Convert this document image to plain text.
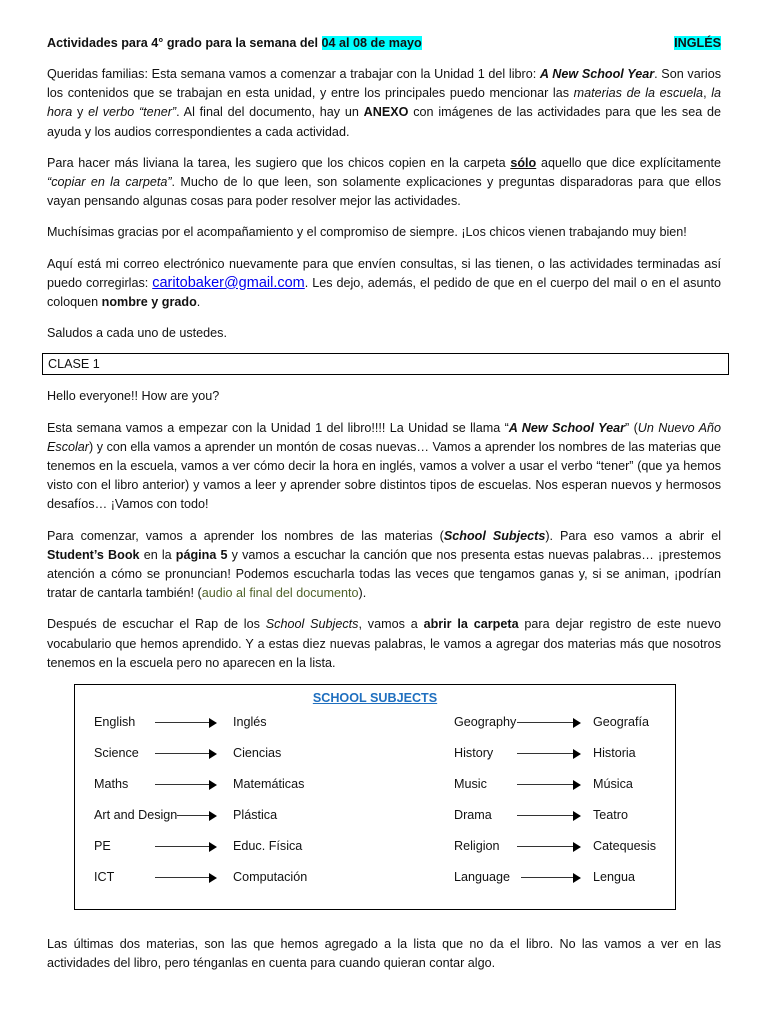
Actividades para 4° grado para la semana del 04 al 08 de mayo	INGLÉS

Queridas familias: Esta semana vamos a comenzar a trabajar con la Unidad 1 del libro: A New School Year. Son varios los contenidos que se trabajan en esta unidad, y entre los principales puedo mencionar las materias de la escuela, la hora y el verbo “tener”. Al final del documento, hay un ANEXO con imágenes de las actividades para que les sea de ayuda y los audios correspondientes a cada actividad.

Para hacer más liviana la tarea, les sugiero que los chicos copien en la carpeta sólo aquello que dice explícitamente “copiar en la carpeta”. Mucho de lo que leen, son solamente explicaciones y preguntas disparadoras para que ellos vayan pensando algunas cosas para poder resolver mejor las actividades.

Muchísimas gracias por el acompañamiento y el compromiso de siempre. ¡Los chicos vienen trabajando muy bien!

Aquí está mi correo electrónico nuevamente para que envíen consultas, si las tienen, o las actividades terminadas así puedo corregirlas: caritobaker@gmail.com. Les dejo, además, el pedido de que en el cuerpo del mail o en el asunto coloquen nombre y grado.

Saludos a cada uno de ustedes.

CLASE 1

Hello everyone!! How are you?

Esta semana vamos a empezar con la Unidad 1 del libro!!!! La Unidad se llama “A New School Year” (Un Nuevo Año Escolar) y con ella vamos a aprender un montón de cosas nuevas… Vamos a aprender los nombres de las materias que tenemos en la escuela, vamos a ver cómo decir la hora en inglés, vamos a volver a usar el verbo “tener” (que ya hemos visto con el libro anterior) y vamos a leer y aprender sobre distintos tipos de escuelas. Nos esperan nuevos y hermosos desafíos… ¡Vamos con todo!

Para comenzar, vamos a aprender los nombres de las materias (School Subjects). Para eso vamos a abrir el Student’s Book en la página 5 y vamos a escuchar la canción que nos presenta estas nuevas palabras… ¡prestemos atención a cómo se pronuncian! Podemos escucharla todas las veces que tengamos ganas y, si se animan, ¡podrían tratar de cantarla también! (audio al final del documento).

Después de escuchar el Rap de los School Subjects, vamos a abrir la carpeta para dejar registro de este nuevo vocabulario que hemos aprendido. Y a estas diez nuevas palabras, le vamos a agregar dos materias más que nosotros tenemos en la escuela pero no aparecen en la lista.

SCHOOL SUBJECTS
English	Inglés
Science	Ciencias
Maths	Matemáticas
Art and Design	Plástica
PE	Educ. Física
ICT	Computación
Geography	Geografía
History	Historia
Music	Música
Drama	Teatro
Religion	Catequesis
Language	Lengua

Las últimas dos materias, son las que hemos agregado a la lista que no da el libro. No las vamos a ver en las actividades del libro, pero ténganlas en cuenta para cuando quieran contar algo.
